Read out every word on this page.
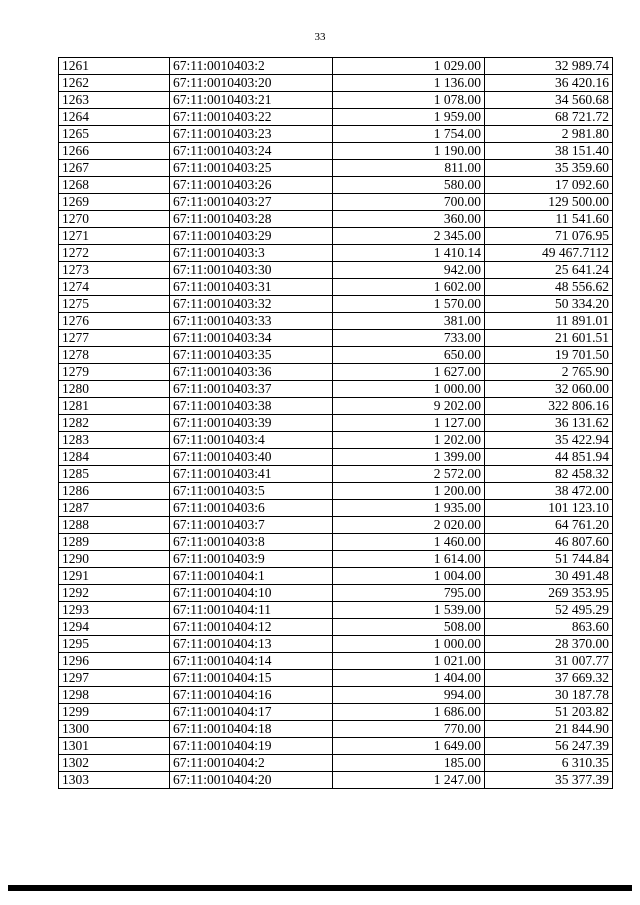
33
1261	67:11:0010403:2	1 029.00	32 989.74
1262	67:11:0010403:20	1 136.00	36 420.16
1263	67:11:0010403:21	1 078.00	34 560.68
1264	67:11:0010403:22	1 959.00	68 721.72
1265	67:11:0010403:23	1 754.00	2 981.80
1266	67:11:0010403:24	1 190.00	38 151.40
1267	67:11:0010403:25	811.00	35 359.60
1268	67:11:0010403:26	580.00	17 092.60
1269	67:11:0010403:27	700.00	129 500.00
1270	67:11:0010403:28	360.00	11 541.60
1271	67:11:0010403:29	2 345.00	71 076.95
1272	67:11:0010403:3	1 410.14	49 467.7112
1273	67:11:0010403:30	942.00	25 641.24
1274	67:11:0010403:31	1 602.00	48 556.62
1275	67:11:0010403:32	1 570.00	50 334.20
1276	67:11:0010403:33	381.00	11 891.01
1277	67:11:0010403:34	733.00	21 601.51
1278	67:11:0010403:35	650.00	19 701.50
1279	67:11:0010403:36	1 627.00	2 765.90
1280	67:11:0010403:37	1 000.00	32 060.00
1281	67:11:0010403:38	9 202.00	322 806.16
1282	67:11:0010403:39	1 127.00	36 131.62
1283	67:11:0010403:4	1 202.00	35 422.94
1284	67:11:0010403:40	1 399.00	44 851.94
1285	67:11:0010403:41	2 572.00	82 458.32
1286	67:11:0010403:5	1 200.00	38 472.00
1287	67:11:0010403:6	1 935.00	101 123.10
1288	67:11:0010403:7	2 020.00	64 761.20
1289	67:11:0010403:8	1 460.00	46 807.60
1290	67:11:0010403:9	1 614.00	51 744.84
1291	67:11:0010404:1	1 004.00	30 491.48
1292	67:11:0010404:10	795.00	269 353.95
1293	67:11:0010404:11	1 539.00	52 495.29
1294	67:11:0010404:12	508.00	863.60
1295	67:11:0010404:13	1 000.00	28 370.00
1296	67:11:0010404:14	1 021.00	31 007.77
1297	67:11:0010404:15	1 404.00	37 669.32
1298	67:11:0010404:16	994.00	30 187.78
1299	67:11:0010404:17	1 686.00	51 203.82
1300	67:11:0010404:18	770.00	21 844.90
1301	67:11:0010404:19	1 649.00	56 247.39
1302	67:11:0010404:2	185.00	6 310.35
1303	67:11:0010404:20	1 247.00	35 377.39
